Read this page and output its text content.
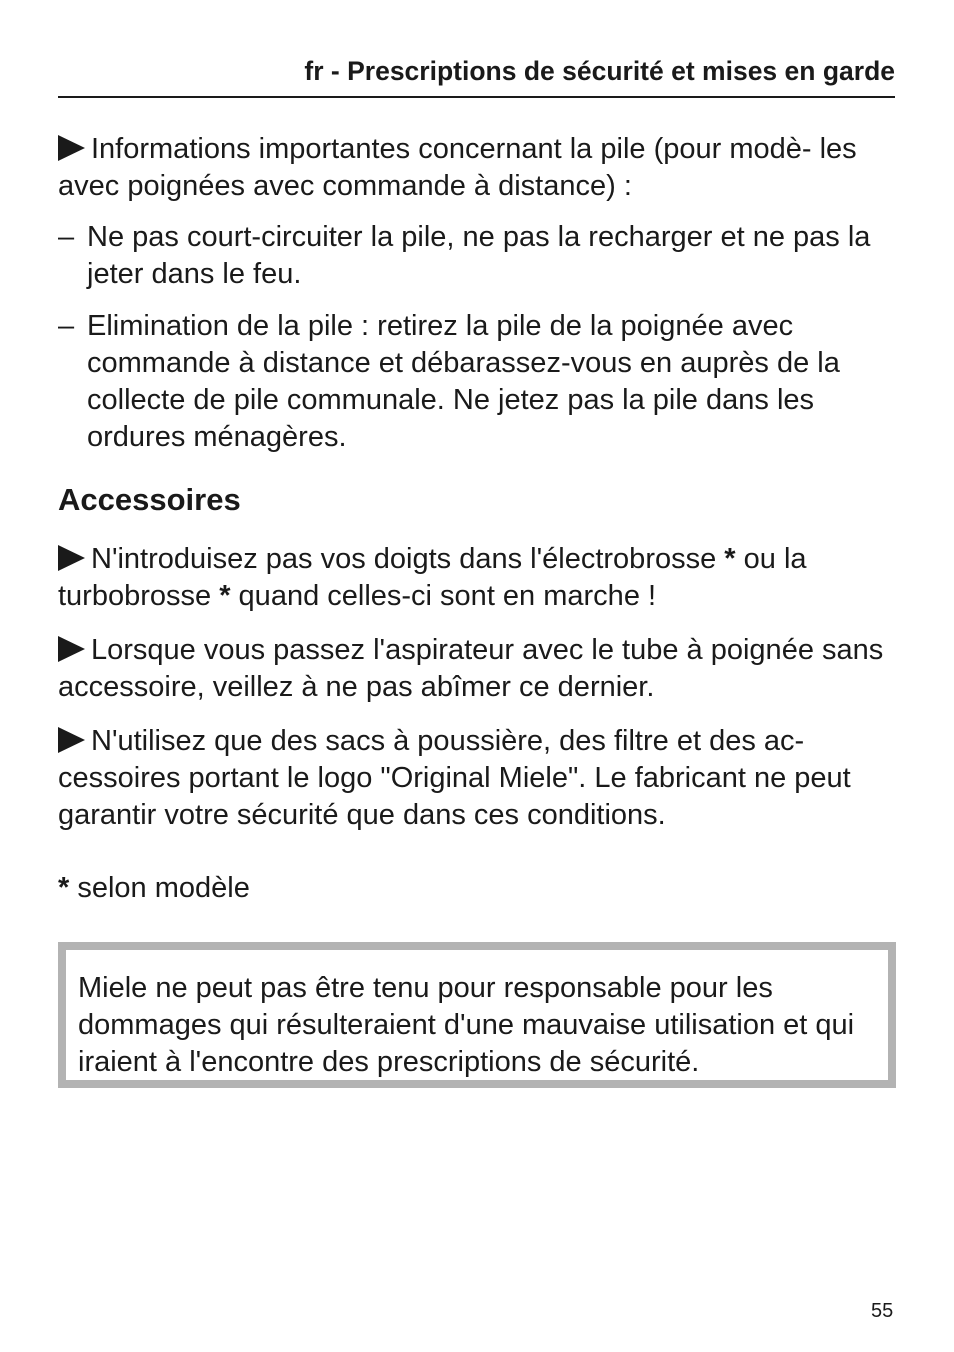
fr - Prescriptions de sécurité et mises en garde
Informations importantes concernant la pile (pour modè- les avec poignées avec commande à distance) :
– Ne pas court-circuiter la pile, ne pas la recharger et ne pas la jeter dans le feu.
– Elimination de la pile : retirez la pile de la poignée avec commande à distance et débarassez-vous en auprès de la collecte de pile communale. Ne jetez pas la pile dans les ordures ménagères.
Accessoires
N'introduisez pas vos doigts dans l'électrobrosse * ou la turbobrosse * quand celles-ci sont en marche !
Lorsque vous passez l'aspirateur avec le tube à poignée sans accessoire, veillez à ne pas abîmer ce dernier.
N'utilisez que des sacs à poussière, des filtre et des ac- cessoires portant le logo "Original Miele". Le fabricant ne peut garantir votre sécurité que dans ces conditions.
* selon modèle
Miele ne peut pas être tenu pour responsable pour les dommages qui résulteraient d'une mauvaise utilisation et qui iraient à l'encontre des prescriptions de sécurité.
55
